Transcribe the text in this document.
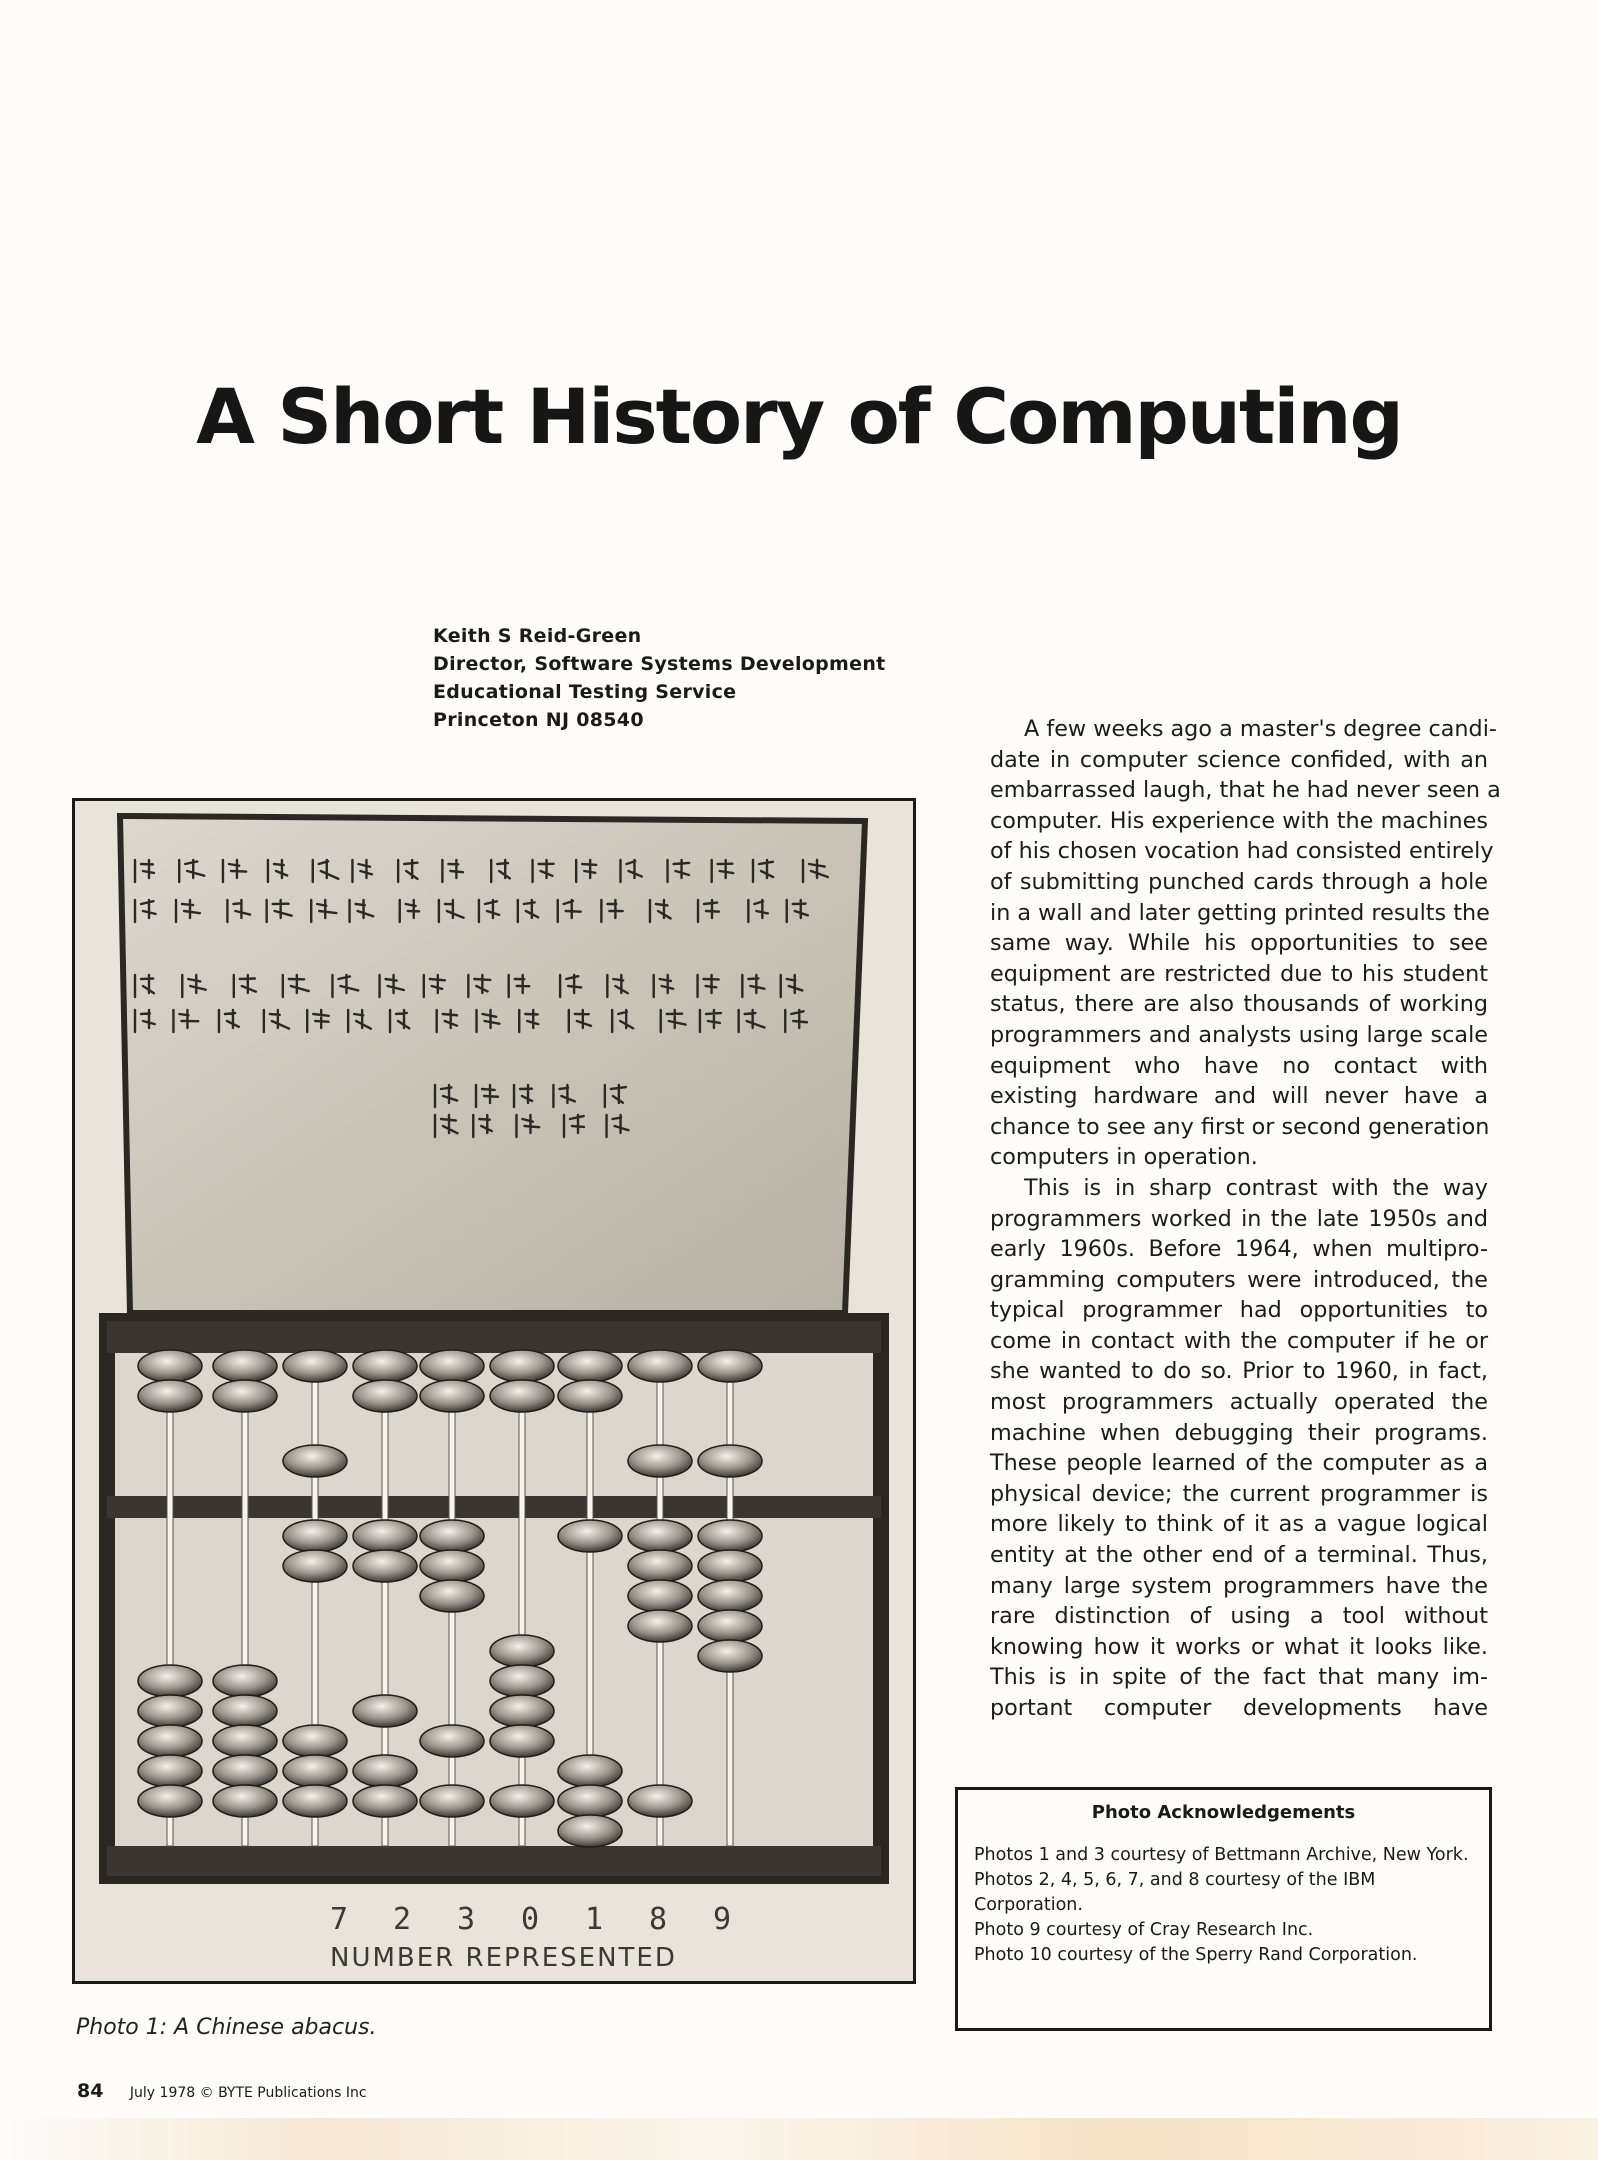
A Short History of Computing
Keith S Reid-Green
Director, Software Systems Development
Educational Testing Service
Princeton NJ 08540
7 2 3 0 1 8 9
NUMBER REPRESENTED
Photo 1: A Chinese abacus.
A few weeks ago a master's degree candi-
date in computer science confided, with an
embarrassed laugh, that he had never seen a
computer. His experience with the machines
of his chosen vocation had consisted entirely
of submitting punched cards through a hole
in a wall and later getting printed results the
same way. While his opportunities to see
equipment are restricted due to his student
status, there are also thousands of working
programmers and analysts using large scale
equipment who have no contact with
existing hardware and will never have a
chance to see any first or second generation
computers in operation.
This is in sharp contrast with the way
programmers worked in the late 1950s and
early 1960s. Before 1964, when multipro-
gramming computers were introduced, the
typical programmer had opportunities to
come in contact with the computer if he or
she wanted to do so. Prior to 1960, in fact,
most programmers actually operated the
machine when debugging their programs.
These people learned of the computer as a
physical device; the current programmer is
more likely to think of it as a vague logical
entity at the other end of a terminal. Thus,
many large system programmers have the
rare distinction of using a tool without
knowing how it works or what it looks like.
This is in spite of the fact that many im-
portant computer developments have
Photo Acknowledgements

Photos 1 and 3 courtesy of Bettmann Archive, New York.

Photos 2, 4, 5, 6, 7, and 8 courtesy of the IBM Corporation.

Photo 9 courtesy of Cray Research Inc.

Photo 10 courtesy of the Sperry Rand Corporation.

84 July 1978 © BYTE Publications Inc
